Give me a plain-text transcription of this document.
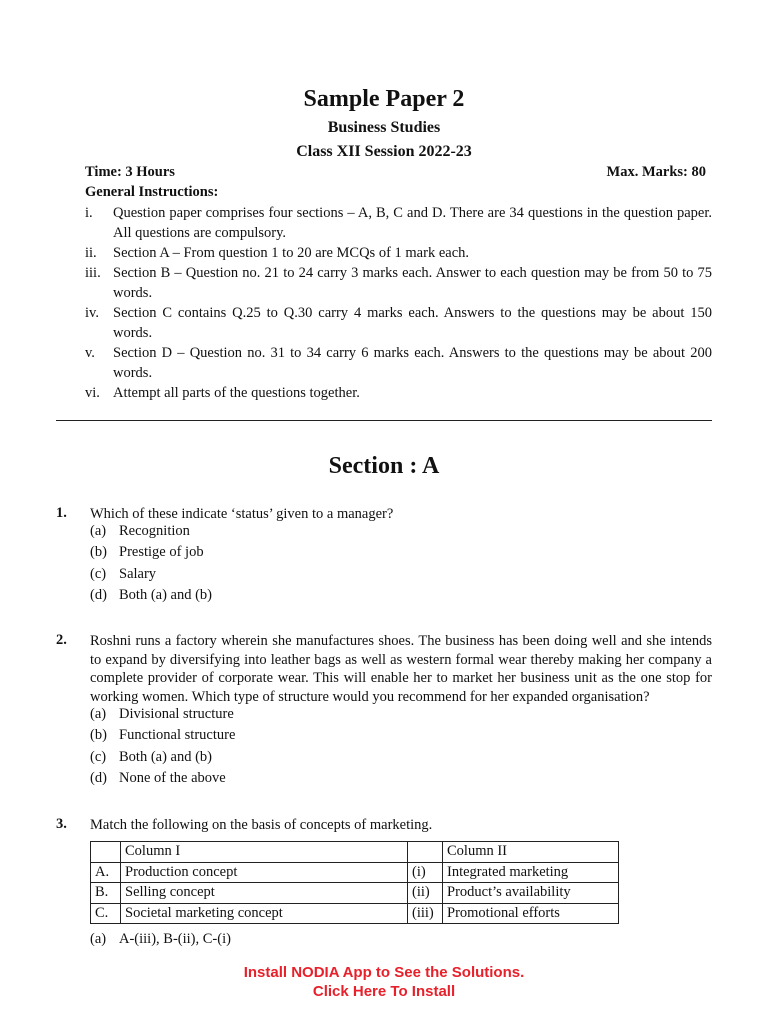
Sample Paper 2
Business Studies
Class XII Session 2022-23
Time: 3 Hours	Max. Marks: 80
General Instructions:
i.	Question paper comprises four sections – A, B, C and D. There are 34 questions in the question paper. All questions are compulsory.
ii.	Section A – From question 1 to 20 are MCQs of 1 mark each.
iii. Section B – Question no. 21 to 24 carry 3 marks each. Answer to each question may be from 50 to 75 words.
iv. Section C contains Q.25 to Q.30 carry 4 marks each. Answers to the questions may be about 150 words.
v.	Section D – Question no. 31 to 34 carry 6 marks each. Answers to the questions may be about 200 words.
vi. Attempt all parts of the questions together.
Section : A
1. Which of these indicate ‘status’ given to a manager?
(a) Recognition
(b) Prestige of job
(c) Salary
(d) Both (a) and (b)
2. Roshni runs a factory wherein she manufactures shoes. The business has been doing well and she intends to expand by diversifying into leather bags as well as western formal wear thereby making her company a complete provider of corporate wear. This will enable her to market her business unit as the one stop for working women. Which type of structure would you recommend for her expanded organisation?
(a) Divisional structure
(b) Functional structure
(c) Both (a) and (b)
(d) None of the above
3. Match the following on the basis of concepts of marketing.
	Column I		Column II
A.	Production concept	(i)	Integrated marketing
B.	Selling concept	(ii)	Product’s availability
C.	Societal marketing concept	(iii)	Promotional efforts
(a) A-(iii), B-(ii), C-(i)
Install NODIA App to See the Solutions.
Click Here To Install
